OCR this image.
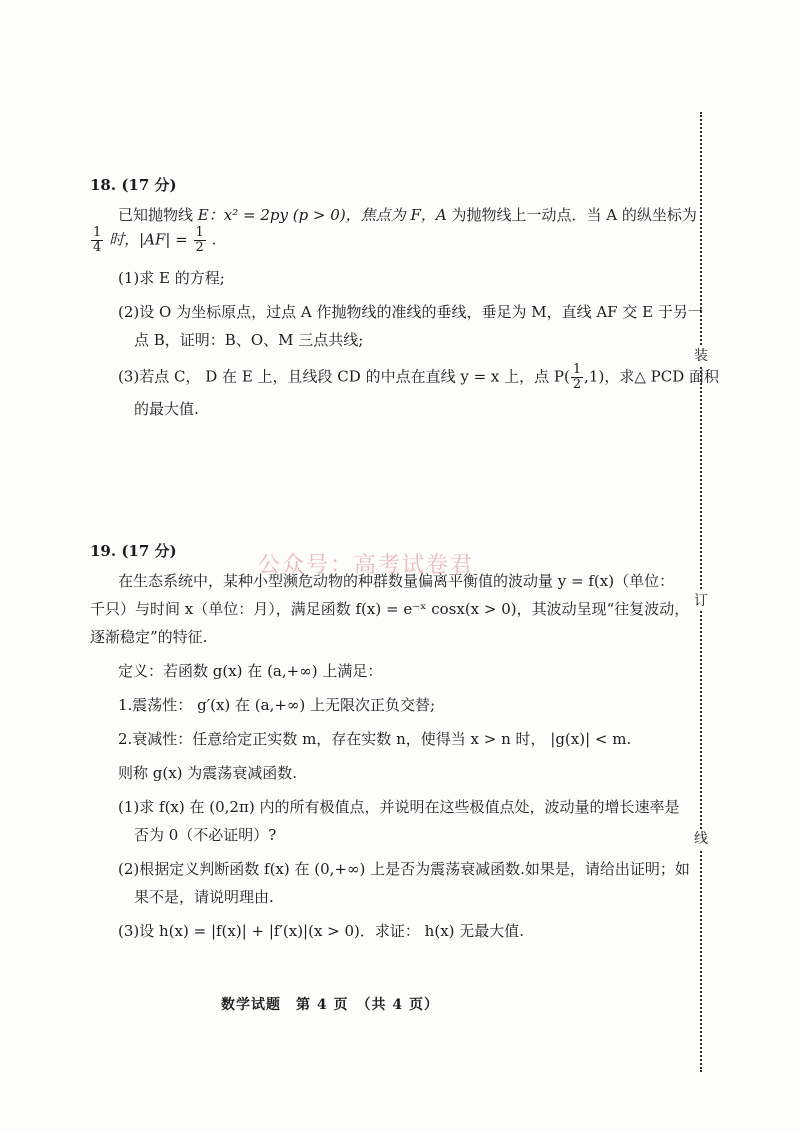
公众号：高考试卷君
18. (17 分)
已知抛物线 E：x² = 2py (p > 0)，焦点为 F，A 为抛物线上一动点．当 A 的纵坐标为
$\frac{1}{4}$ 时，$|AF| = \frac{1}{2}$ .
(1)求 E 的方程;
(2)设 O 为坐标原点，过点 A 作抛物线的准线的垂线，垂足为 M，直线 AF 交 E 于另一
点 B，证明：B、O、M 三点共线;
(3)若点 C， D 在 E 上，且线段 CD 的中点在直线 y = x 上，点 $P( \frac{1}{2} ,1)$，求△ PCD 面积
的最大值.
19. (17 分)
在生态系统中，某种小型濒危动物的种群数量偏离平衡值的波动量 y = f(x)（单位：
千只）与时间 x（单位：月），满足函数 f(x) = e⁻ˣ cosx(x > 0)，其波动呈现“往复波动，
逐渐稳定”的特征.
定义：若函数 g(x) 在 (a,+∞) 上满足：
1.震荡性： g′(x) 在 (a,+∞) 上无限次正负交替;
2.衰减性：任意给定正实数 m，存在实数 n，使得当 x > n 时， |g(x)| < m.
则称 g(x) 为震荡衰减函数.
(1)求 f(x) 在 (0,2π) 内的所有极值点，并说明在这些极值点处，波动量的增长速率是
否为 0（不必证明）?
(2)根据定义判断函数 f(x) 在 (0,+∞) 上是否为震荡衰减函数.如果是，请给出证明；如
果不是，请说明理由.
(3)设 h(x) = |f(x)| + |f′(x)|(x > 0)．求证： h(x) 无最大值.
装
订
线
数学试题　第 4 页　（共 4 页）
